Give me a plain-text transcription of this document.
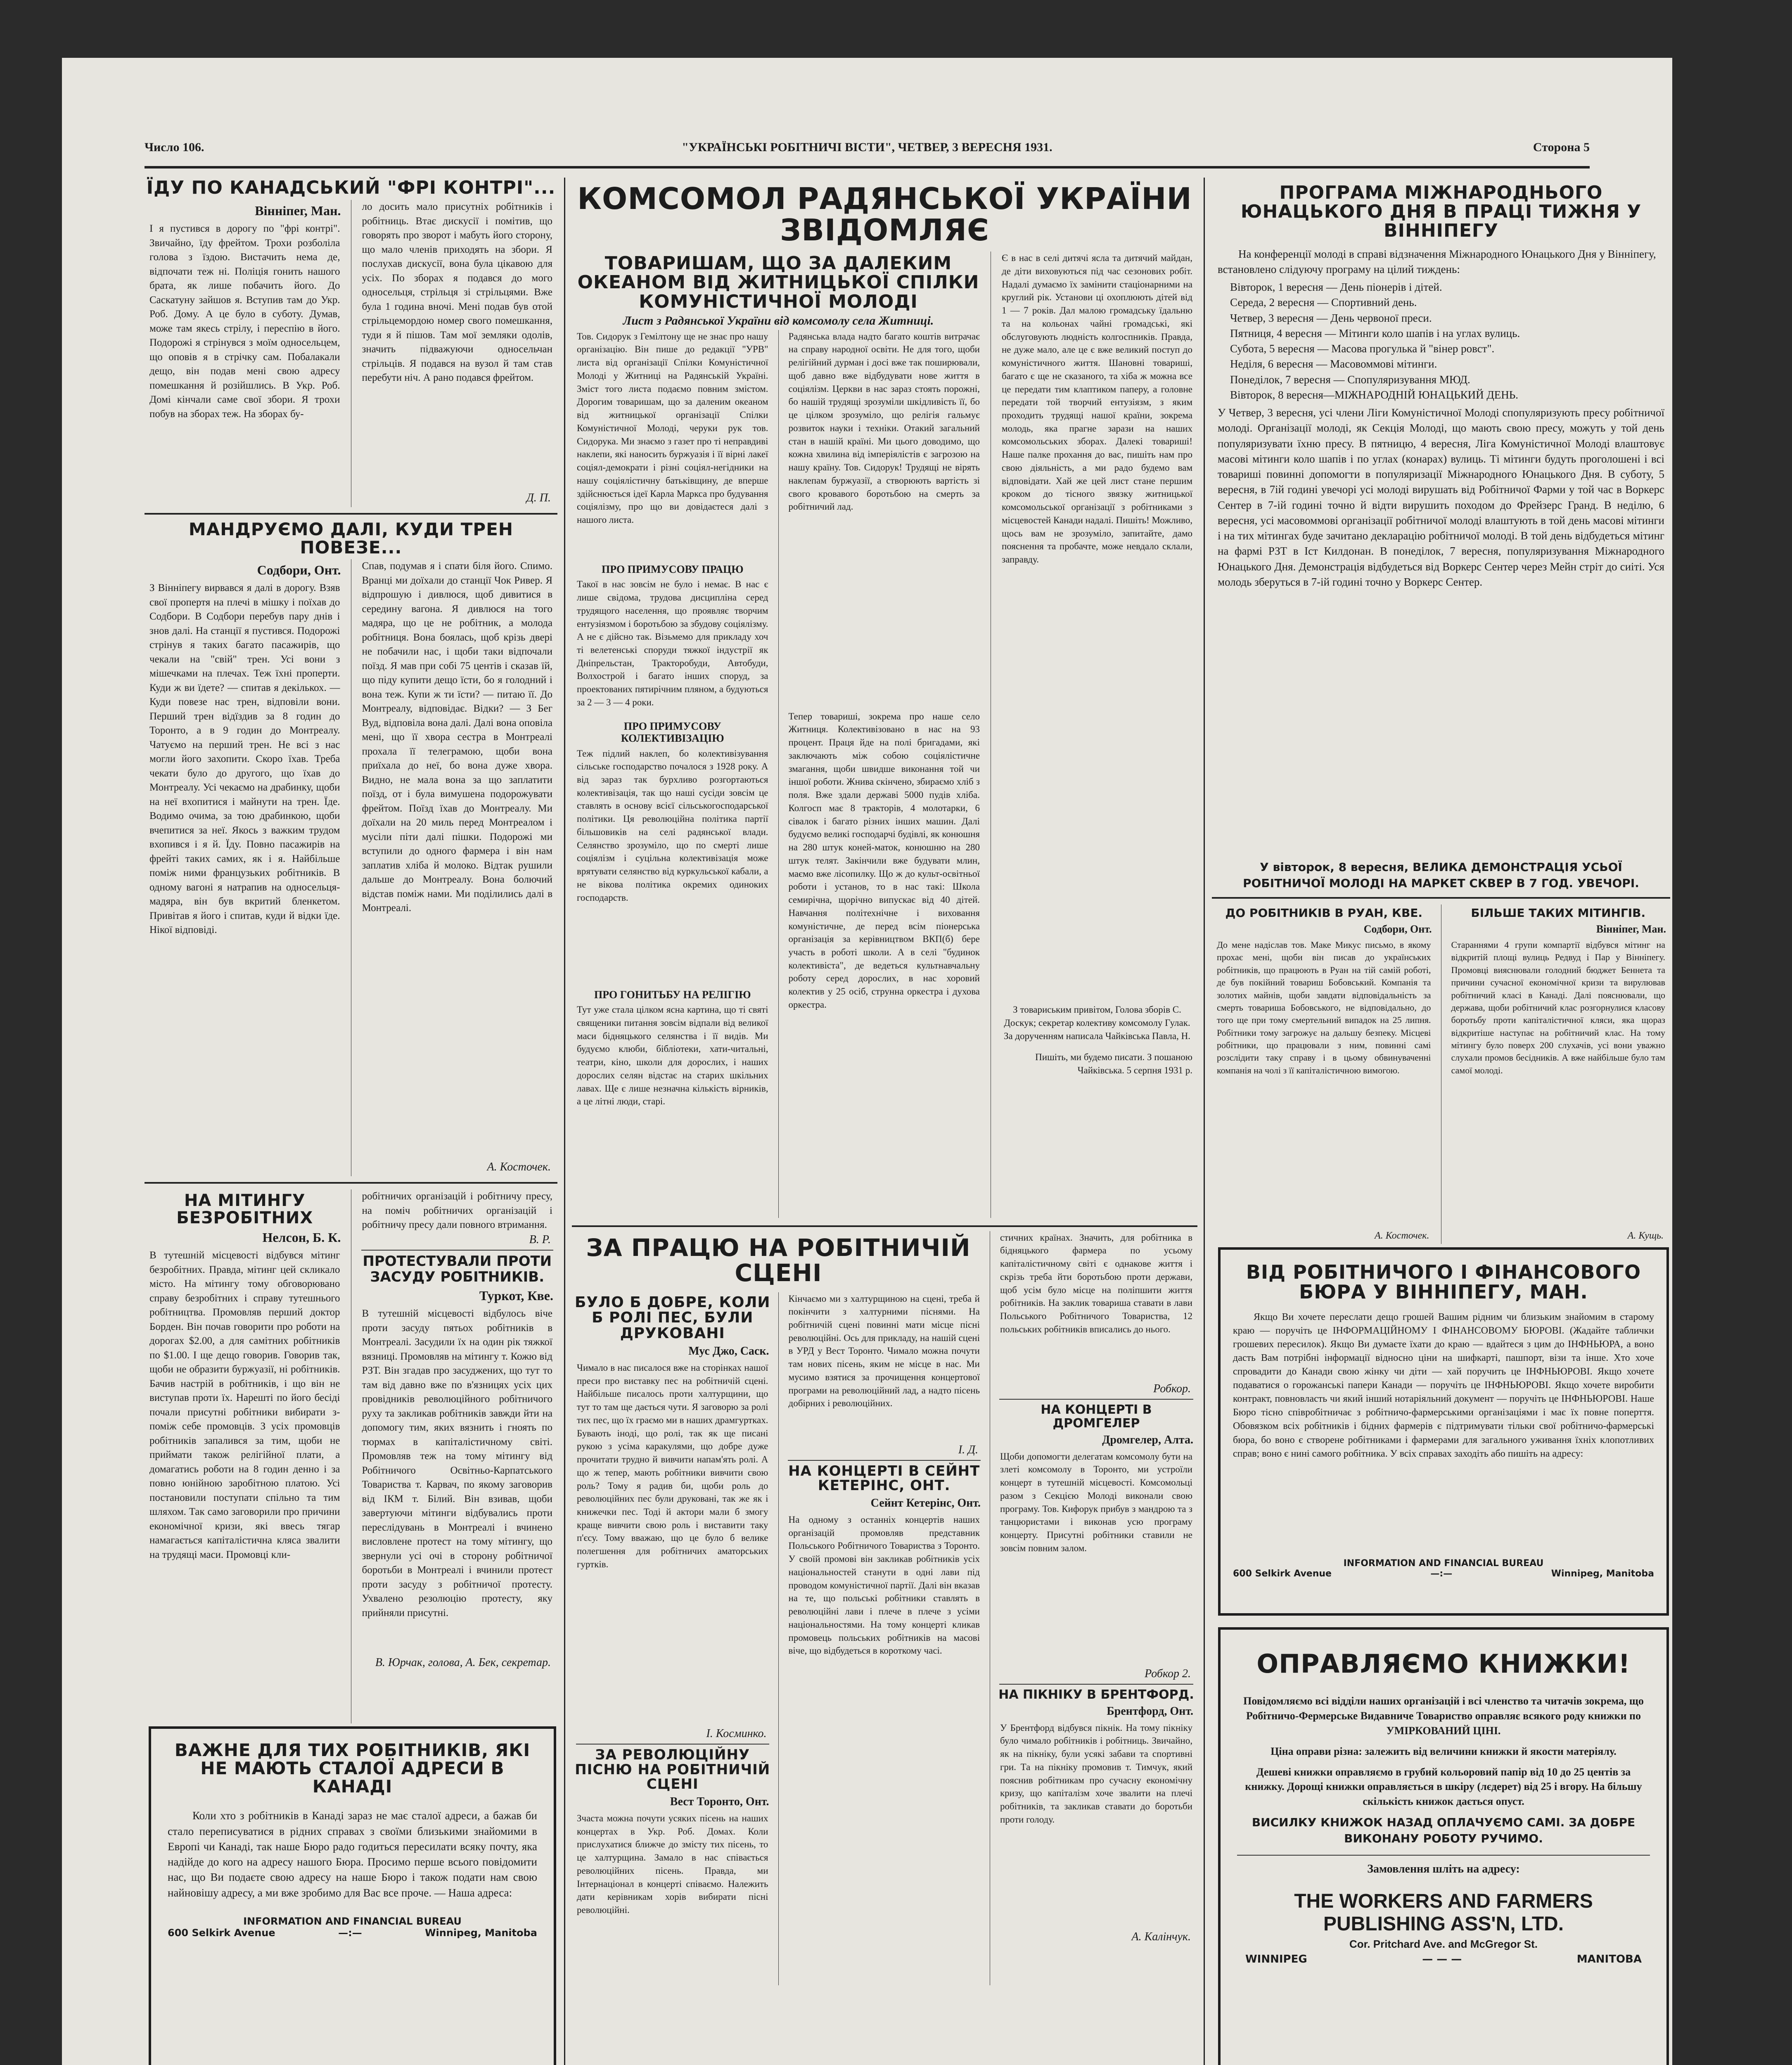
Число 106.	"УКРАЇНСЬКІ РОБІТНИЧІ ВІСТИ", ЧЕТВЕР, 3 ВЕРЕСНЯ 1931.	Сторона 5
ЇДУ ПО КАНАДСЬКИЙ "ФРІ КОНТРІ"...
Вінніпег, Ман.
І я пустився в дорогу по "фрі контрі". Звичайно, їду фрейтом. Трохи розболіла голова з їздою. Вистачить нема де, відпочати теж ні. Поліція гонить нашого брата, як лише побачить його. До Саскатуну зайшов я. Вступив там до Укр. Роб. Дому. А це було в суботу. Думав, може там якесь стрілу, і переспію в його. Подорожі я стрінувся з моїм односельцем, що оповів я в стрічку сам. Побалакали дещо, він подав мені свою адресу помешкання й розійшлись. В Укр. Роб. Домі кінчали саме свої збори. Я трохи побув на зборах теж. На зборах бу-
ло досить мало присутніх робітників і робітниць. Втає дискусії і помітив, що говорять про зворот і мабуть його сторону, що мало членів приходять на збори. Я послухав дискусії, вона була цікавою для усіх. По зборах я подався до мого односельця, стрільця зі стрільцями. Вже була 1 година вночі. Мені подав був отой стрільцемордою номер свого помешкання, туди я й пішов. Там мої земляки одолів, значить підважуючи односельчан стрільців. Я подався на вузол й там став перебути ніч. А рано подався фрейтом.
Д. П.
МАНДРУЄМО ДАЛІ, КУДИ ТРЕН ПОВЕЗЕ...
Содбори, Онт.
З Вінніпегу вирвався я далі в дорогу. Взяв свої пропертя на плечі в мішку і поїхав до Содбори. В Содбори перебув пару днів і знов далі. На станції я пустився. Подорожі стрінув я таких багато пасажирів, що чекали на "свій" трен. Усі вони з мішечками на плечах. Теж їхні проперти. Куди ж ви їдете? — спитав я декількох. — Куди повезе нас трен, відповіли вони. Перший трен відїздив за 8 годин до Торонто, а в 9 годин до Монтреалу. Чатуємо на перший трен. Не всі з нас могли його захопити. Скоро їхав. Треба чекати було до другого, що їхав до Монтреалу. Усі чекаємо на драбинку, щоби на неї вхопитися і майнути на трен. Їде. Водимо очима, за тою драбинкою, щоби вчепитися за неї. Якось з важким трудом вхопився і я й. Їду. Повно пасажирів на фрейті таких самих, як і я. Найбільше поміж ними французьких робітників. В одному вагоні я натрапив на односельця-мадяра, він був вкритий бленкетом. Привітав я його і спитав, куди й відки їде. Нікої відповіді.
Спав, подумав я і спати біля його. Спимо. Вранці ми доїхали до станції Чок Ривер. Я відпрошую і дивлюся, щоб дивитися в середину вагона. Я дивлюся на того мадяра, що це не робітник, а молода робітниця. Вона боялась, щоб крізь двері не побачили нас, і щоби таки відпочали поїзд. Я мав при собі 75 центів і сказав їй, що піду купити дещо їсти, бо я голодний і вона теж. Купи ж ти їсти? — питаю її. До Монтреалу, відповідає. Відки? — З Бег Вуд, відповіла вона далі. Далі вона оповіла мені, що її хвора сестра в Монтреалі прохала її телеграмою, щоби вона приїхала до неї, бо вона дуже хвора. Видно, не мала вона за що заплатити поїзд, от і була вимушена подорожувати фрейтом. Поїзд їхав до Монтреалу. Ми доїхали на 20 миль перед Монтреалом і мусіли піти далі пішки. Подорожі ми вступили до одного фармера і він нам заплатив хліба й молоко. Відтак рушили дальше до Монтреалу. Вона болючий відстав поміж нами. Ми поділились далі в Монтреалі.
А. Косточек.
НА МІТИНГУ БЕЗРОБІТНИХ
Нелсон, Б. К.
В тутешній місцевості відбувся мітинг безробітних. Правда, мітинг цей скликало місто. На мітингу тому обговорювано справу безробітних і справу тутешнього робітництва. Промовляв перший доктор Борден. Він почав говорити про роботи на дорогах $2.00, а для самітних робітників по $1.00. І ще дещо говорив. Говорив так, щоби не образити буржуазії, ні робітників. Бачив настрій в робітників, і що він не виступав проти їх. Нарешті по його бесіді почали присутні робітники вибирати з-поміж себе промовців. З усіх промовців робітників запалився за тим, щоби не приймати також релігійної плати, а домагатись роботи на 8 годин денно і за повно юнійною заробітною платою. Усі постановили поступати спільно та тим шляхом. Так само заговорили про причини економічної кризи, які ввесь тягар намагається капіталістична кляса звалити на трудящі маси. Промовці кли-
робітничих організацій і робітничу пресу, на поміч робітничих організацій і робітничу пресу дали повного втримання.
В. Р.
ПРОТЕСТУВАЛИ ПРОТИ ЗАСУДУ РОБІТНИКІВ.
Туркот, Кве.
В тутешній місцевості відбулось віче проти засуду пятьох робітників в Монтреалі. Засудили їх на один рік тяжкої вязниці. Промовляв на мітингу т. Кожю від РЗТ. Він згадав про засуджених, що тут то там від давно вже по в'язницях усіх цих провідників революційного робітничого руху та закликав робітників завжди йти на допомогу тим, яких вязнить і гноять по тюрмах в капіталістичному світі. Промовляв теж на тому мітингу від Робітничого Освітньо-Карпатського Товариства т. Карвач, по якому заговорив від ІКМ т. Білий. Він взивав, щоби завертуючи мітинги відбувались проти переслідувань в Монтреалі і вчинено висловлене протест на тому мітингу, що звернули усі очі в сторону робітничої боротьби в Монтреалі і вчинили протест проти засуду з робітничої протесту. Ухвалено резолюцію протесту, яку прийняли присутні.
В. Юрчак, голова, А. Бек, секретар.
ВАЖНЕ ДЛЯ ТИХ РОБІТНИКІВ, ЯКІ НЕ МАЮТЬ СТАЛОЇ АДРЕСИ В КАНАДІ
Коли хто з робітників в Канаді зараз не має сталої адреси, а бажав би стало переписуватися в рідних справах з своїми близькими знайомими в Европі чи Канаді, так наше Бюро радо годиться пересилати всяку почту, яка надійде до кого на адресу нашого Бюра. Просимо перше всього повідомити нас, що Ви подаєте свою адресу на наше Бюро і також подати нам свою найновішу адресу, а ми вже зробимо для Вас все проче. — Наша адреса:
INFORMATION AND FINANCIAL BUREAU
600 Selkirk Avenue	—:—	Winnipeg, Manitoba
КОМСОМОЛ РАДЯНСЬКОЇ УКРАЇНИ ЗВІДОМЛЯЄ
ТОВАРИШАМ, ЩО ЗА ДАЛЕКИМ ОКЕАНОМ ВІД ЖИТНИЦЬКОЇ СПІЛКИ КОМУНІСТИЧНОЇ МОЛОДІ
Лист з Радянської України від комсомолу села Житниці.
Тов. Сидорук з Гемілтону ще не знає про нашу організацію. Він пише до редакції "УРВ" листа від організації Спілки Комуністичної Молоді у Житниці на Радянській Україні. Зміст того листа подаємо повним змістом. Дорогим товаришам, що за даленим океаном від житницької організації Спілки Комуністичної Молоді, черуки рук тов. Сидорука. Ми знаємо з газет про ті неправдиві наклепи, які наносить буржуазія і її вірні лакеї соціял-демократи і різні соціял-негідники на нашу соціялістичну батьківщину, де вперше здійснюється ідеї Карла Маркса про будування соціялізму, про що ви довідаєтеся далі з нашого листа.
ПРО ПРИМУСОВУ ПРАЦЮ
Такої в нас зовсім не було і немає. В нас є лише свідома, трудова дисципліна серед трудящого населення, що проявляє творчим ентузіязмом і боротьбою за збудову соціялізму. А не є дійсно так. Візьмемо для прикладу хоч ті велетенські споруди тяжкої індустрії як Дніпрельстан, Тракторобуди, Автобуди, Волхострой і багато інших споруд, за проектованих пятирічним пляном, а будуються за 2 — 3 — 4 роки.
ПРО ПРИМУСОВУ КОЛЕКТИВІЗАЦІЮ
Теж підлий наклеп, бо колективізування сільське господарство почалося з 1928 року. А від зараз так бурхливо розгортаються колективізація, так що наші сусіди зовсім це ставлять в основу всієї сільськогосподарської політики. Ця революційна політика партії більшовиків на селі радянської влади. Селянство зрозуміло, що по смерті лише соціялізм і суцільна колективізація може врятувати селянство від куркульської кабали, а не вікова політика окремих одиноких господарств.
ПРО ГОНИТЬБУ НА РЕЛІГІЮ
Тут уже стала цілком ясна картина, що ті святі священики питання зовсім відпали від великої маси бідняцького селянства і її видів. Ми будуємо клюби, бібліотеки, хати-читальні, театри, кіно, школи для дорослих, і наших дорослих селян відстає на старих шкільних лавах. Ще є лише незначна кількість вірників, а це літні люди, старі.
Радянська влада надто багато коштів витрачає на справу народної освіти. Не для того, щоби релігійний дурман і досі вже так поширювали, щоб давно вже відбудувати нове життя в соціялізм. Церкви в нас зараз стоять порожні, бо нашій трудящі зрозуміли шкідливість її, бо це цілком зрозуміло, що релігія гальмує розвиток науки і техніки. Отакий загальний стан в нашій країні. Ми цього доводимо, що кожна хвилина від імперіялістів є загрозою на нашу країну. Тов. Сидорук! Трудящі не вірять наклепам буржуазії, а створюють вартість зі свого кровавого боротьбою на смерть за робітничий лад.
Тепер товариші, зокрема про наше село Житниця. Колективізовано в нас на 93 процент. Праця йде на полі бригадами, які заключають між собою соціялістичне змагання, щоби швидше виконання той чи іншої роботи. Жнива скінчено, збираємо хліб з поля. Вже здали державі 5000 пудів хліба. Колгосп має 8 тракторів, 4 молотарки, 6 сівалок і багато різних інших машин. Далі будуємо великі господарчі будівлі, як конюшня на 280 штук коней-маток, конюшню на 280 штук телят. Закінчили вже будувати млин, маємо вже лісопилку. Що ж до культ-освітньої роботи і установ, то в нас такі: Школа семирічна, щорічно випускає від 40 дітей. Навчання політехнічне і виховання комуністичне, де перед всім піонерська організація за керівництвом ВКП(б) бере участь в роботі школи. А в селі "будинок колективіста", де ведеться культнавчальну роботу серед дорослих, в нас хоровий колектив у 25 осіб, струнна оркестра і духова оркестра.
Є в нас в селі дитячі ясла та дитячий майдан, де діти виховуються під час сезонових робіт. Надалі думаємо їх замінити стаціонарними на круглий рік. Установи ці охоплюють дітей від 1 — 7 років. Дал малою громадську їдальню та на кольонах чайні громадські, які обслуговують людність колгоспників. Правда, не дуже мало, але це є вже великий поступ до комуністичного життя. Шановні товариші, багато є ще не сказаного, та хіба ж можна все це передати тим клаптиком паперу, а головне передати той творчий ентузіязм, з яким проходить трудящі нашої країни, зокрема молодь, яка прагне зарази на наших комсомольських зборах. Далекі товариші! Наше палке прохання до вас, пишіть нам про свою діяльність, а ми радо будемо вам відповідати. Хай же цей лист стане першим кроком до тісного звязку житницької комсомольської організації з робітниками з місцевостей Канади надалі. Пишіть! Можливо, щось вам не зрозуміло, запитайте, дамо пояснення та пробачте, може невдало склали, заправду.
З товариським привітом, Голова зборів С. Доскук; секретар колективу комсомолу Гулак. За дорученням написала Чайківська Павла, Н.
Пишіть, ми будемо писати. З пошаною Чайківська. 5 серпня 1931 р.
ЗА ПРАЦЮ НА РОБІТНИЧІЙ СЦЕНІ
БУЛО Б ДОБРЕ, КОЛИ Б РОЛІ ПЕС, БУЛИ ДРУКОВАНІ
Мус Джо, Саск.
Чимало в нас писалося вже на сторінках нашої преси про виставку пес на робітничій сцені. Найбільше писалось проти халтурщини, що тут то там ще дається чути. Я заговорю за ролі тих пес, що їх граємо ми в наших драмгуртках. Бувають іноді, що ролі, так як ще писані рукою з усіма каракулями, що добре дуже прочитати трудно й вивчити напам'ять ролі. А що ж тепер, мають робітники вивчити свою роль? Тому я радив би, щоби роль до революційних пес були друковані, так же як і книжечки пес. Тоді й актори мали б змогу краще вивчити свою роль і виставити таку п'єсу. Тому вважаю, що це було б велике полегшення для робітничих аматорських гуртків.
І. Косминко.
ЗА РЕВОЛЮЦІЙНУ ПІСНЮ НА РОБІТНИЧІЙ СЦЕНІ
Вест Торонто, Онт.
Зчаста можна почути усяких пісень на наших концертах в Укр. Роб. Домах. Коли прислухатися ближче до змісту тих пісень, то це халтурщина. Замалo в нас співається революційних пісень. Правда, ми Інтернаціонал в концерті співаємо. Належить дати керівникам хорів вибирати пісні революційні.
Кінчаємо ми з халтурщиною на сцені, треба й покінчити з халтурними піснями. На робітничій сцені повинні мати місце пісні революційні. Ось для прикладу, на нашій сцені в УРД у Вест Торонто. Чимало можна почути там нових пісень, яким не місце в нас. Ми мусимо взятися за прочищення концертової програми на революційний лад, а надто пісень добірних і революційних.
І. Д.
НА КОНЦЕРТІ В СЕЙНТ КЕТЕРІНС, ОНТ.
Сейнт Кетерінс, Онт.
На одному з останніх концертів наших організацій промовляв представник Польського Робітничого Товариства з Торонто. У своїй промові він закликав робітників усіх національностей станути в одні лави під проводом комуністичної партії. Далі він вказав на те, що польські робітники ставлять в революційні лави і плече в плече з усіми національностями. На тому концерті кликав промовець польських робітників на масові віче, що відбудеться в короткому часі.
стичних країнах. Значить, для робітника в бідняцького фармера по усьому капіталістичному світі є однакове життя і скрізь треба йти боротьбою проти держави, щоб усім було місце на поліпшити життя робітників. На заклик товариша ставати в лави Польського Робітничого Товариства, 12 польських робітників вписались до нього.
Робкор.
НА КОНЦЕРТІ В ДРОМГЕЛЕР
Дромгелер, Алта.
Щоби допомогти делегатам комсомолу бути на злеті комсомолу в Торонто, ми устроїли концерт в тутешній місцевості. Комсомольці разом з Секцією Молоді виконали свою програму. Тов. Кифорук прибув з мандрою та з танцюристами і виконав усю програму концерту. Присутні робітники ставили не зовсім повним залом.
Робкор 2.
НА ПІКНІКУ В БРЕНТФОРД.
Брентфорд, Онт.
У Брентфорд відбувся пікнік. На тому пікніку було чимало робітників і робітниць. Звичайно, як на пікніку, були усякі забави та спортивні гри. Та на пікніку промовив т. Тимчук, який пояснив робітникам про сучасну економічну кризу, що капіталізм хоче звалити на плечі робітників, та закликав ставати до боротьби проти голоду.
А. Калінчук.
ПРОГРАМА МІЖНАРОДНЬОГО ЮНАЦЬКОГО ДНЯ В ПРАЦІ ТИЖНЯ У ВІННІПЕГУ
На конференції молоді в справі відзначення Міжнародного Юнацького Дня у Вінніпегу, встановлено слідуючу програму на цілий тиждень:
Вівторок, 1 вересня — День піонерів і дітей.
Середа, 2 вересня — Спортивний день.
Четвер, 3 вересня — День червоної преси.
Пятниця, 4 вересня — Мітинги коло шапів і на углах вулиць.
Субота, 5 вересня — Масова прогулька й "вінер ровст".
Неділя, 6 вересня — Масовоммові мітинги.
Понеділок, 7 вересня — Спопуляризування МЮД.
Вівторок, 8 вересня—МІЖНАРОДНІЙ ЮНАЦЬКИЙ ДЕНЬ.
У Четвер, 3 вересня, усі члени Ліги Комуністичної Молоді спопуляризують пресу робітничої молоді. Організації молоді, як Секція Молоді, що мають свою пресу, можуть у той день популяризувати їхню пресу. В пятницю, 4 вересня, Ліга Комуністичної Молоді влаштовує масові мітинги коло шапів і по углах (конарах) вулиць. Ті мітинги будуть проголошені і всі товариші повинні допомогти в популяризації Міжнародного Юнацького Дня. В суботу, 5 вересня, в 7ій годині увечорі усі молоді вирушать від Робітничої Фарми у той час в Воркерс Сентер в 7-ій годині точно й відти вирушить походом до Фрейзерс Гранд. В неділю, 6 вересня, усі масовоммові організації робітничої молоді влаштують в той день масові мітинги і на тих мітингах буде зачитано декларацію робітничої молоді. В той день відбудеться мітинг на фармі РЗТ в Іст Килдонан. В понеділок, 7 вересня, популяризування Міжнародного Юнацького Дня. Демонстрація відбудеться від Воркерс Сентер через Мейн стріт до сиіті. Уся молодь зберуться в 7-ій годині точно у Воркерс Сентер.
У вівторок, 8 вересня, ВЕЛИКА ДЕМОНСТРАЦІЯ УСЬОЇ РОБІТНИЧОЇ МОЛОДІ НА МАРКЕТ СКВЕР В 7 ГОД. УВЕЧОРІ.
ДО РОБІТНИКІВ В РУАН, КВЕ.
Содбори, Онт.
До мене надіслав тов. Маке Микус письмо, в якому прохає мені, щоби він писав до українських робітників, що працюють в Руан на тій самій роботі, де був покійний товариш Бобовський. Компанія та золотих майнів, щоби завдати відповідальність за смерть товариша Бобовського, не відповідально, до того ще при тому смертельний випадок на 25 липня. Робітники тому загрожує на дальшу безпеку. Місцеві робітники, що працювали з ним, повинні самі розслідити таку справу і в цьому обвинуваченні компанія на чолі з її капіталістичною вимогою.
А. Косточек.
БІЛЬШЕ ТАКИХ МІТИНГІВ.
Вінніпег, Ман.
Стараннями 4 групи компартії відбувся мітинг на відкритій площі вулиць Редвуд і Пар у Вінніпегу. Промовці вияснювали голодний бюджет Беннета та причини сучасної економічної кризи та вирулював робітничий класі в Канаді. Далі пояснювали, що держава, щоби робітничий клас розгорнулися класову боротьбу проти капіталістичної кляси, яка щораз відкритіше наступає на робітничий клас. На тому мітингу було поверх 200 слухачів, усі вони уважно слухали промов бесідників. А вже найбільше було там самої молоді.
А. Кущь.
ВІД РОБІТНИЧОГО І ФІНАНСОВОГО БЮРА У ВІННІПЕГУ, МАН.
Якщо Ви хочете переслати дещо грошей Вашим рідним чи близьким знайомим в старому краю — поручіть це ІНФОРМАЦІЙНОМУ І ФІНАНСОВОМУ БЮРОВІ. (Жадайте таблички грошевих пересилок). Якщо Ви думаєте їхати до краю — вдайтеся з цим до ІНФНЬЮРА, а воно дасть Вам потрібні інформації відносно ціни на шифкарті, пашпорт, візи та інше. Хто хоче спровадити до Канади свою жінку чи діти — хай поручить це ІНФНЬЮРОВІ. Якщо хочете подаватися о горожанські папери Канади — поручіть це ІНФНЬЮРОВІ. Якщо хочете виробити контракт, повновласть чи який інший нотаріяльний документ — поручіть це ІНФНЬЮРОВІ. Наше Бюро тісно співробітничає з робітничо-фармерськими організаціями і має їх повне поперття. Обовязком всіх робітників і бідних фармерів є підтримувати тільки свої робітничо-фармерські бюра, бо воно є створене робітниками і фармерами для загального уживання їхніх клопотливих справ; воно є нині самого робітника. У всіх справах заходіть або пишіть на адресу:
INFORMATION AND FINANCIAL BUREAU
600 Selkirk Avenue	—:—	Winnipeg, Manitoba
ОПРАВЛЯЄМО КНИЖКИ!
Повідомляємо всі відділи наших організацій і всі членство та читачів зокрема, що Робітничо-Фермерське Видавниче Товариство оправляє всякого роду книжки по УМІРКОВАНИЙ ЦІНІ.
Ціна оправи різна: залежить від величини книжки й якости матеріялу.
Дешеві книжки оправляємо в грубий кольоровий папір від 10 до 25 центів за книжку. Дорощі книжки оправляється в шкіру (лєдерет) від 25 і вгору. На більшу скількість книжок дається опуст.
ВИСИЛКУ КНИЖОК НАЗАД ОПЛАЧУЄМО САМІ. ЗА ДОБРЕ ВИКОНАНУ РОБОТУ РУЧИМО.
Замовлення шліть на адресу:
THE WORKERS AND FARMERS PUBLISHING ASS'N, LTD.
Cor. Pritchard Ave. and McGregor St.
WINNIPEG	— — —	MANITOBA
